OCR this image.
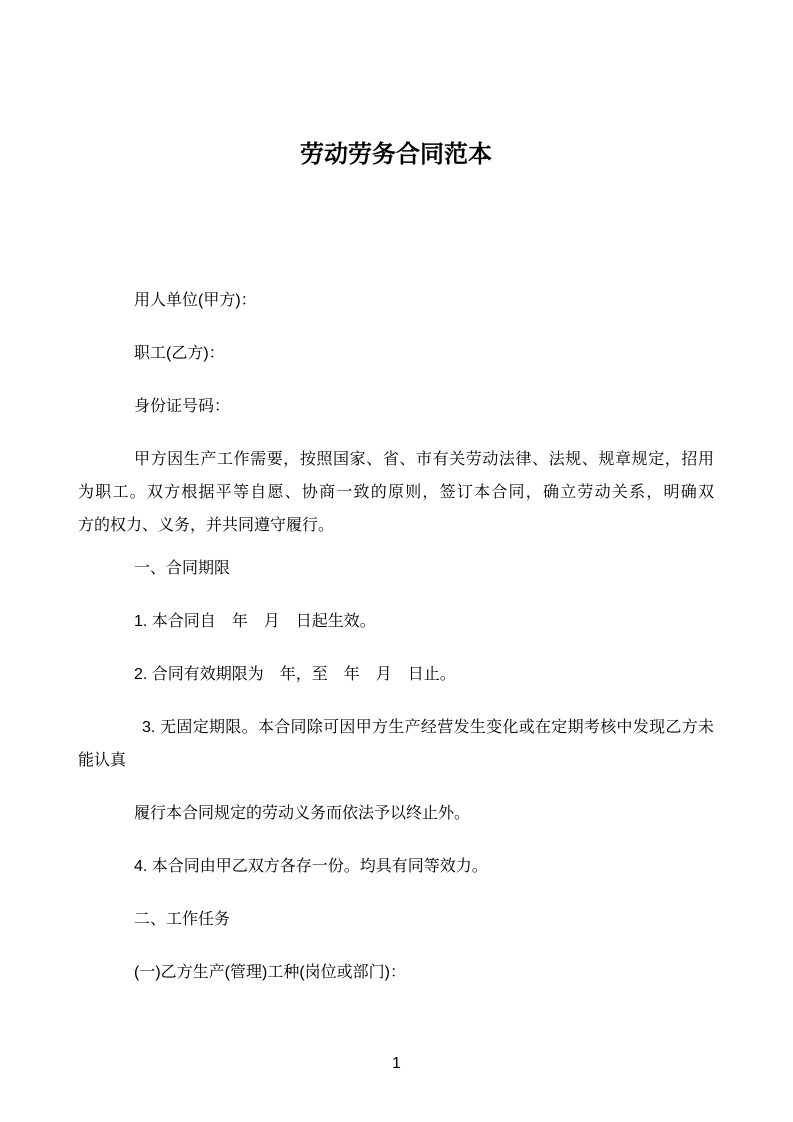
劳动劳务合同范本

用人单位(甲方)：

职工(乙方)：

身份证号码：

甲方因生产工作需要，按照国家、省、市有关劳动法律、法规、规章规定，招用
为职工。双方根据平等自愿、协商一致的原则，签订本合同，确立劳动关系，明确双
方的权力、义务，并共同遵守履行。

一、合同期限

1. 本合同自　年　月　日起生效。

2. 合同有效期限为　年，至　年　月　日止。

3. 无固定期限。本合同除可因甲方生产经营发生变化或在定期考核中发现乙方未
能认真

履行本合同规定的劳动义务而依法予以终止外。

4. 本合同由甲乙双方各存一份。均具有同等效力。

二、工作任务

(一)乙方生产(管理)工种(岗位或部门)：

1
